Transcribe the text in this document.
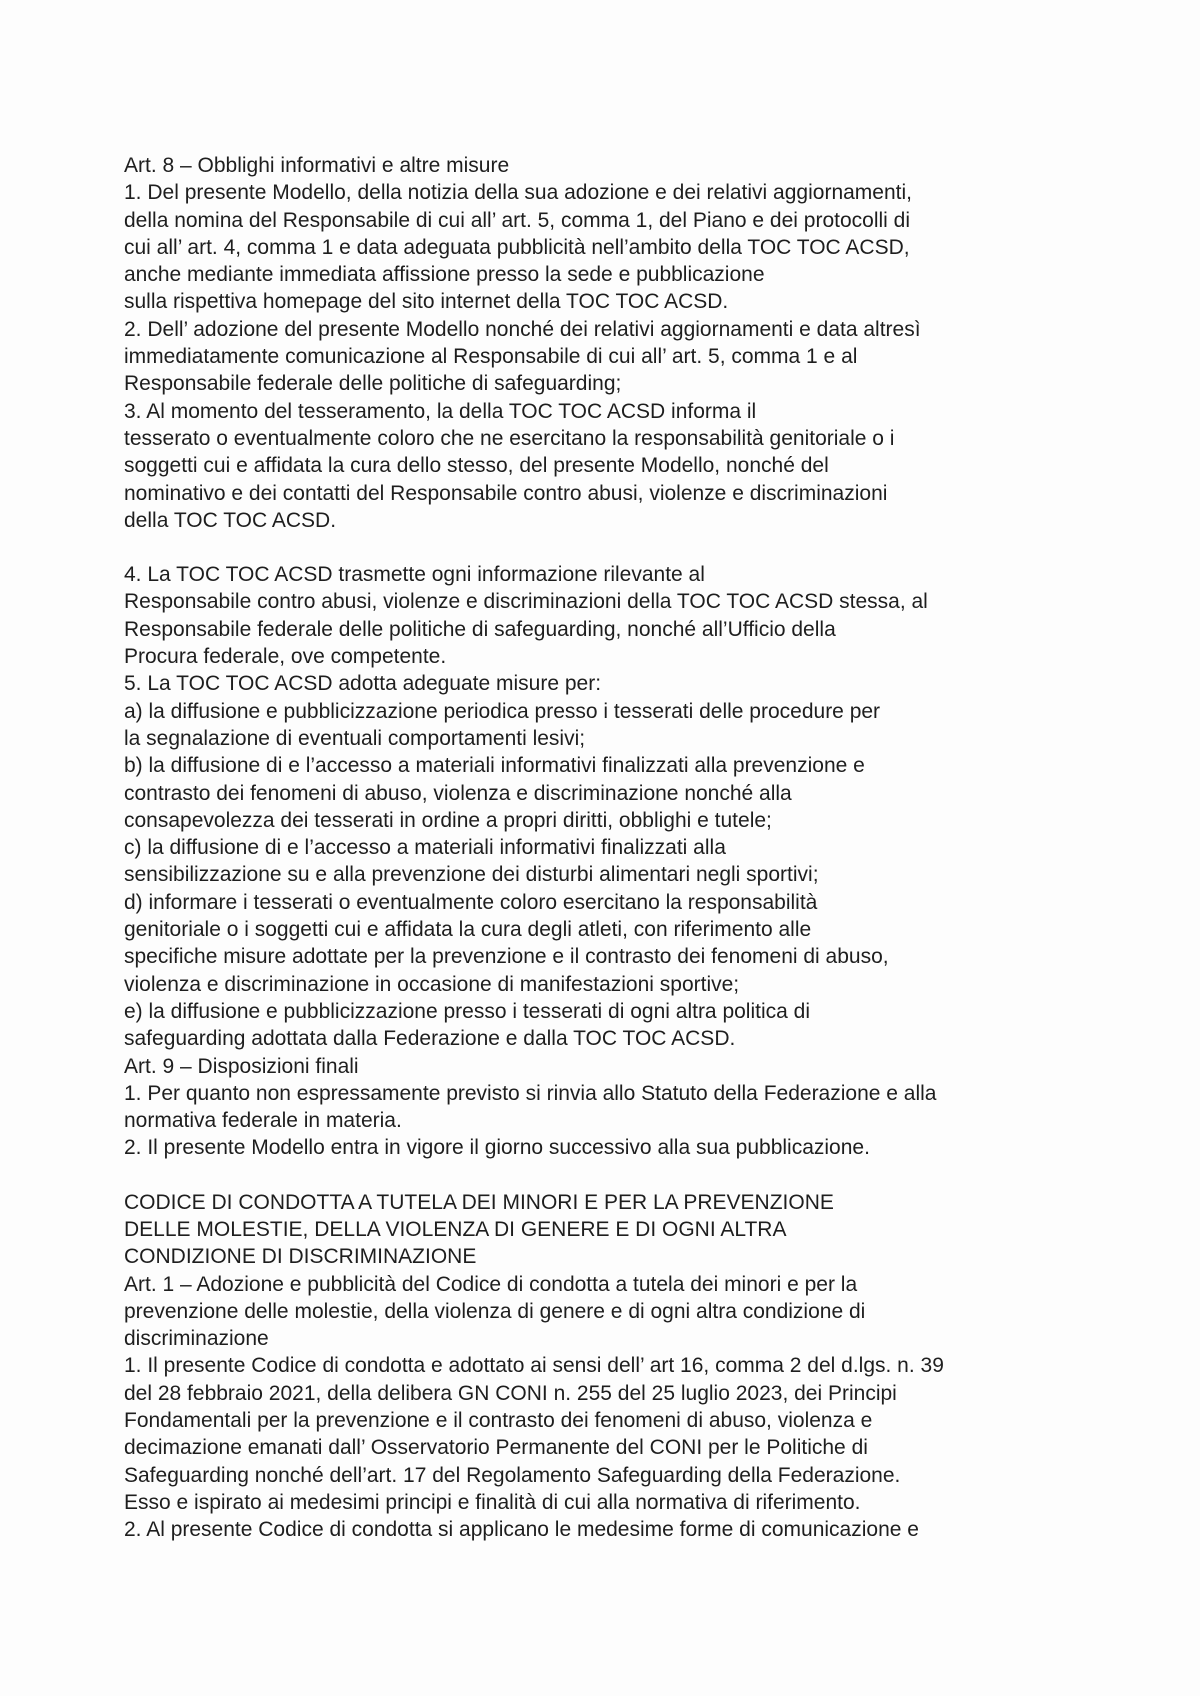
Art. 8 – Obblighi informativi e altre misure
1. Del presente Modello, della notizia della sua adozione e dei relativi aggiornamenti,
della nomina del Responsabile di cui all’ art. 5, comma 1, del Piano e dei protocolli di
cui all’ art. 4, comma 1 e data adeguata pubblicità nell’ambito della TOC TOC ACSD,
anche mediante immediata affissione presso la sede e pubblicazione
sulla rispettiva homepage del sito internet della TOC TOC ACSD.
2. Dell’ adozione del presente Modello nonché dei relativi aggiornamenti e data altresì
immediatamente comunicazione al Responsabile di cui all’ art. 5, comma 1 e al
Responsabile federale delle politiche di safeguarding;
3. Al momento del tesseramento, la della TOC TOC ACSD informa il
tesserato o eventualmente coloro che ne esercitano la responsabilità genitoriale o i
soggetti cui e affidata la cura dello stesso, del presente Modello, nonché del
nominativo e dei contatti del Responsabile contro abusi, violenze e discriminazioni
della TOC TOC ACSD.
4. La TOC TOC ACSD trasmette ogni informazione rilevante al
Responsabile contro abusi, violenze e discriminazioni della TOC TOC ACSD stessa, al
Responsabile federale delle politiche di safeguarding, nonché all’Ufficio della
Procura federale, ove competente.
5. La TOC TOC ACSD adotta adeguate misure per:
a) la diffusione e pubblicizzazione periodica presso i tesserati delle procedure per
la segnalazione di eventuali comportamenti lesivi;
b) la diffusione di e l’accesso a materiali informativi finalizzati alla prevenzione e
contrasto dei fenomeni di abuso, violenza e discriminazione nonché alla
consapevolezza dei tesserati in ordine a propri diritti, obblighi e tutele;
c) la diffusione di e l’accesso a materiali informativi finalizzati alla
sensibilizzazione su e alla prevenzione dei disturbi alimentari negli sportivi;
d) informare i tesserati o eventualmente coloro esercitano la responsabilità
genitoriale o i soggetti cui e affidata la cura degli atleti, con riferimento alle
specifiche misure adottate per la prevenzione e il contrasto dei fenomeni di abuso,
violenza e discriminazione in occasione di manifestazioni sportive;
e) la diffusione e pubblicizzazione presso i tesserati di ogni altra politica di
safeguarding adottata dalla Federazione e dalla TOC TOC ACSD.
Art. 9 – Disposizioni finali
1. Per quanto non espressamente previsto si rinvia allo Statuto della Federazione e alla
normativa federale in materia.
2. Il presente Modello entra in vigore il giorno successivo alla sua pubblicazione.
CODICE DI CONDOTTA A TUTELA DEI MINORI E PER LA PREVENZIONE
DELLE MOLESTIE, DELLA VIOLENZA DI GENERE E DI OGNI ALTRA
CONDIZIONE DI DISCRIMINAZIONE
Art. 1 – Adozione e pubblicità del Codice di condotta a tutela dei minori e per la
prevenzione delle molestie, della violenza di genere e di ogni altra condizione di
discriminazione
1. Il presente Codice di condotta e adottato ai sensi dell’ art 16, comma 2 del d.lgs. n. 39
del 28 febbraio 2021, della delibera GN CONI n. 255 del 25 luglio 2023, dei Principi
Fondamentali per la prevenzione e il contrasto dei fenomeni di abuso, violenza e
decimazione emanati dall’ Osservatorio Permanente del CONI per le Politiche di
Safeguarding nonché dell’art. 17 del Regolamento Safeguarding della Federazione.
Esso e ispirato ai medesimi principi e finalità di cui alla normativa di riferimento.
2. Al presente Codice di condotta si applicano le medesime forme di comunicazione e
